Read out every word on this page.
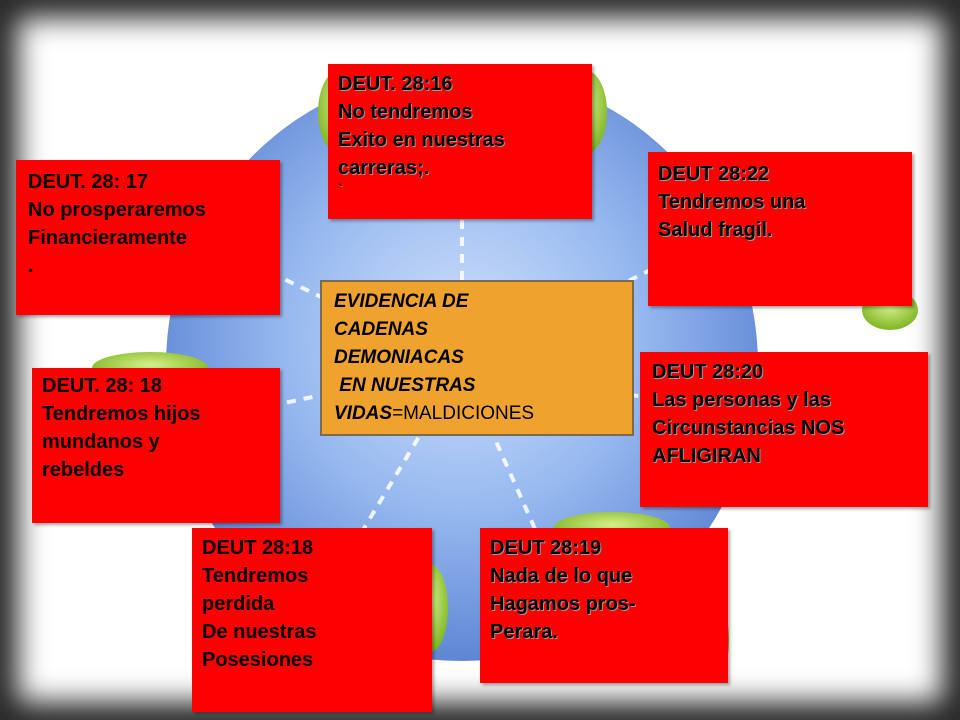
DEUT. 28:16
No tendremos
Exito en nuestras
carreras;.
`
DEUT 28:22
Tendremos una
Salud fragil.
DEUT. 28: 17
No prosperaremos
Financieramente
.
DEUT. 28: 18
Tendremos hijos
mundanos y
rebeldes
DEUT 28:20
Las personas y las
Circunstancias NOS
AFLIGIRAN
DEUT 28:18
Tendremos
perdida
De nuestras
Posesiones
DEUT 28:19
Nada de lo que
Hagamos pros-
Perara.
EVIDENCIA DE
CADENAS
DEMONIACAS
EN NUESTRAS
VIDAS=MALDICIONES
